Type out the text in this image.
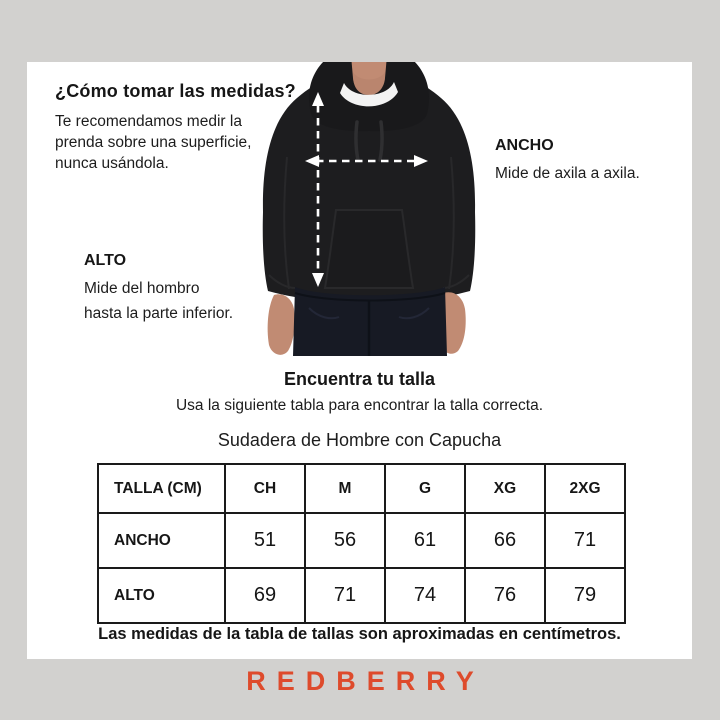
¿Cómo tomar las medidas?
Te recomendamos medir la
prenda sobre una superficie,
nunca usándola.
ANCHO
Mide de axila a axila.
ALTO
Mide del hombro
hasta la parte inferior.
Encuentra tu talla
Usa la siguiente tabla para encontrar la talla correcta.
Sudadera de Hombre con Capucha
TALLA (CM)	CH	M	G	XG	2XG
ANCHO	51	56	61	66	71
ALTO	69	71	74	76	79
Las medidas de la tabla de tallas son aproximadas en centímetros.
REDBERRY
